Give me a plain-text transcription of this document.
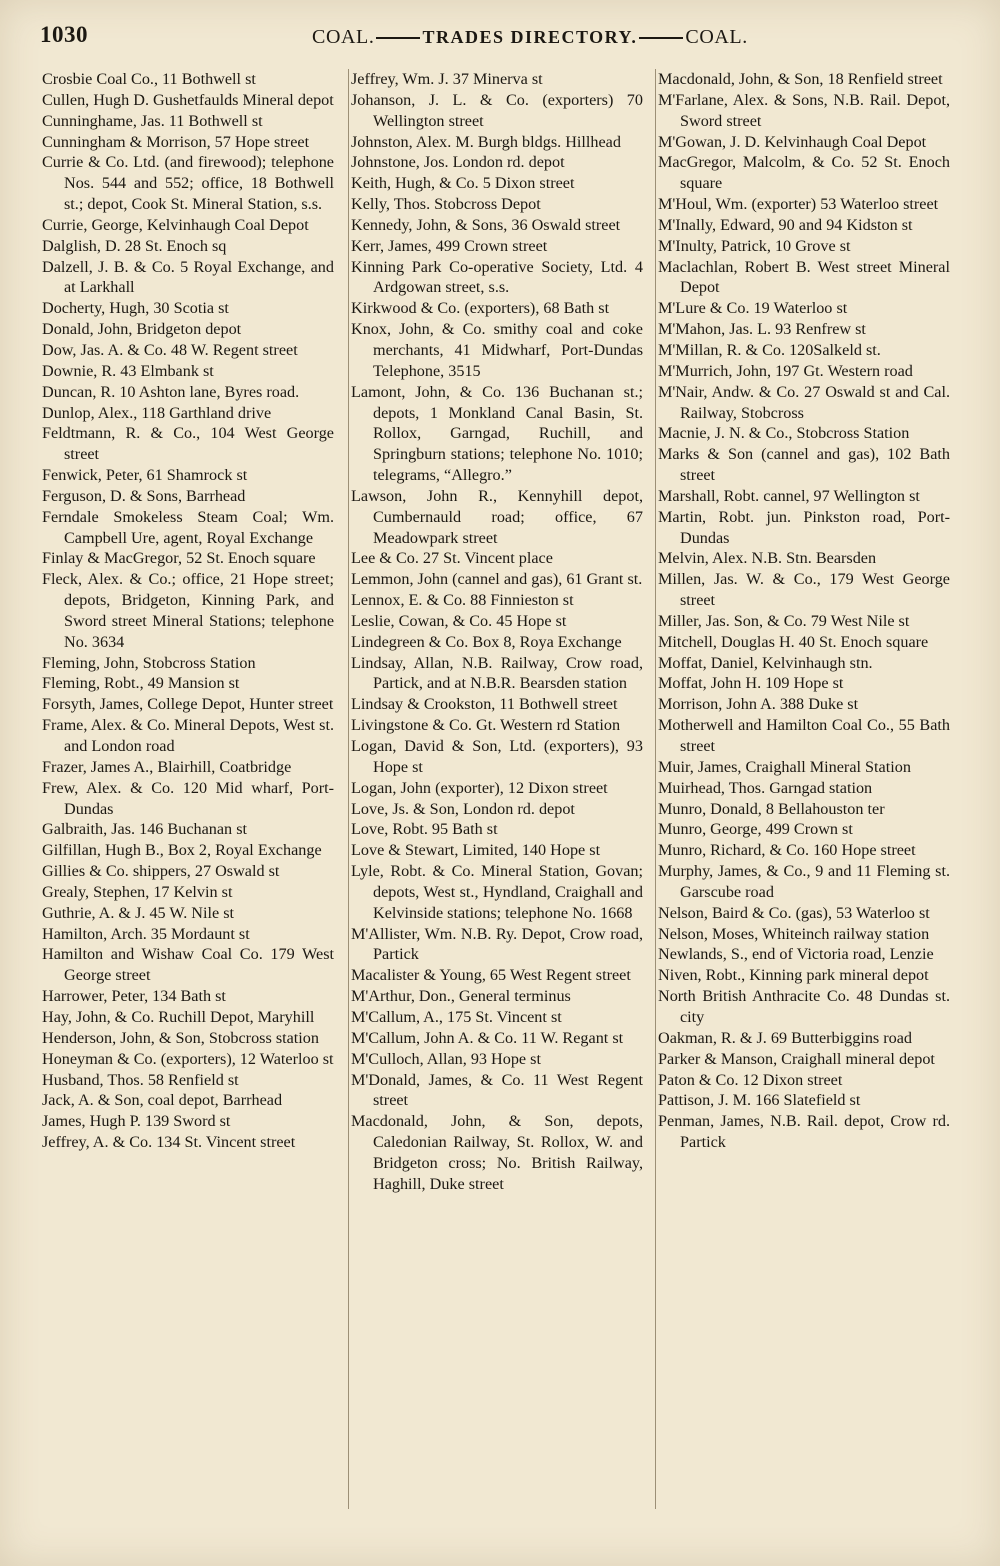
1030	COAL.	TRADES DIRECTORY. COAL.

Crosbie Coal Co., 11 Bothwell st

Cullen, Hugh D. Gushetfaulds Mineral depot

Cunninghame, Jas. 11 Bothwell st

Cunningham & Morrison, 57 Hope street

Currie & Co. Ltd. (and firewood); telephone Nos. 544 and 552; office, 18 Bothwell st.; depot, Cook St. Mineral Station, s.s.

Currie, George, Kelvinhaugh Coal Depot

Dalglish, D. 28 St. Enoch sq

Dalzell, J. B. & Co. 5 Royal Exchange, and at Larkhall

Docherty, Hugh, 30 Scotia st

Donald, John, Bridgeton depot

Dow, Jas. A. & Co. 48 W. Regent street

Downie, R. 43 Elmbank st

Duncan, R. 10 Ashton lane, Byres road.

Dunlop, Alex., 118 Garthland drive

Feldtmann, R. & Co., 104 West George street

Fenwick, Peter, 61 Shamrock st

Ferguson, D. & Sons, Barrhead

Ferndale Smokeless Steam Coal; Wm. Campbell Ure, agent, Royal Exchange

Finlay & MacGregor, 52 St. Enoch square

Fleck, Alex. & Co.; office, 21 Hope street; depots, Bridgeton, Kinning Park, and Sword street Mineral Stations; telephone No. 3634

Fleming, John, Stobcross Station

Fleming, Robt., 49 Mansion st

Forsyth, James, College Depot, Hunter street

Frame, Alex. & Co. Mineral Depots, West st. and London road

Frazer, James A., Blairhill, Coatbridge

Frew, Alex. & Co. 120 Mid wharf, Port-Dundas

Galbraith, Jas. 146 Buchanan st

Gilfillan, Hugh B., Box 2, Royal Exchange

Gillies & Co. shippers, 27 Oswald st

Grealy, Stephen, 17 Kelvin st

Guthrie, A. & J. 45 W. Nile st

Hamilton, Arch. 35 Mordaunt st

Hamilton and Wishaw Coal Co. 179 West George street

Harrower, Peter, 134 Bath st

Hay, John, & Co. Ruchill Depot, Maryhill

Henderson, John, & Son, Stobcross station

Honeyman & Co. (exporters), 12 Waterloo st

Husband, Thos. 58 Renfield st

Jack, A. & Son, coal depot, Barrhead

James, Hugh P. 139 Sword st

Jeffrey, A. & Co. 134 St. Vincent street

Jeffrey, Wm. J. 37 Minerva st

Johanson, J. L. & Co. (exporters) 70 Wellington street

Johnston, Alex. M. Burgh bldgs. Hillhead

Johnstone, Jos. London rd. depot

Keith, Hugh, & Co. 5 Dixon street

Kelly, Thos. Stobcross Depot

Kennedy, John, & Sons, 36 Oswald street

Kerr, James, 499 Crown street

Kinning Park Co-operative Society, Ltd. 4 Ardgowan street, s.s.

Kirkwood & Co. (exporters), 68 Bath st

Knox, John, & Co. smithy coal and coke merchants, 41 Midwharf, Port-Dundas Telephone, 3515

Lamont, John, & Co. 136 Buchanan st.; depots, 1 Monkland Canal Basin, St. Rollox, Garngad, Ruchill, and Springburn stations; telephone No. 1010; telegrams, “Allegro.”

Lawson, John R., Kennyhill depot, Cumbernauld road; office, 67 Meadowpark street

Lee & Co. 27 St. Vincent place

Lemmon, John (cannel and gas), 61 Grant st.

Lennox, E. & Co. 88 Finnieston st

Leslie, Cowan, & Co. 45 Hope st

Lindegreen & Co. Box 8, Roya Exchange

Lindsay, Allan, N.B. Railway, Crow road, Partick, and at N.B.R. Bearsden station

Lindsay & Crookston, 11 Bothwell street

Livingstone & Co. Gt. Western rd Station

Logan, David & Son, Ltd. (exporters), 93 Hope st

Logan, John (exporter), 12 Dixon street

Love, Js. & Son, London rd. depot

Love, Robt. 95 Bath st

Love & Stewart, Limited, 140 Hope st

Lyle, Robt. & Co. Mineral Station, Govan; depots, West st., Hyndland, Craighall and Kelvinside stations; telephone No. 1668

M'Allister, Wm. N.B. Ry. Depot, Crow road, Partick

Macalister & Young, 65 West Regent street

M'Arthur, Don., General terminus

M'Callum, A., 175 St. Vincent st

M'Callum, John A. & Co. 11 W. Regant st

M'Culloch, Allan, 93 Hope st

M'Donald, James, & Co. 11 West Regent street

Macdonald, John, & Son, depots, Caledonian Railway, St. Rollox, W. and Bridgeton cross; No. British Railway, Haghill, Duke street

Macdonald, John, & Son, 18 Renfield street

M'Farlane, Alex. & Sons, N.B. Rail. Depot, Sword street

M'Gowan, J. D. Kelvinhaugh Coal Depot

MacGregor, Malcolm, & Co. 52 St. Enoch square

M'Houl, Wm. (exporter) 53 Waterloo street

M'Inally, Edward, 90 and 94 Kidston st

M'Inulty, Patrick, 10 Grove st

Maclachlan, Robert B. West street Mineral Depot

M'Lure & Co. 19 Waterloo st

M'Mahon, Jas. L. 93 Renfrew st

M'Millan, R. & Co. 120Salkeld st.

M'Murrich, John, 197 Gt. Western road

M'Nair, Andw. & Co. 27 Oswald st and Cal. Railway, Stobcross

Macnie, J. N. & Co., Stobcross Station

Marks & Son (cannel and gas), 102 Bath street

Marshall, Robt. cannel, 97 Wellington st

Martin, Robt. jun. Pinkston road, Port-Dundas

Melvin, Alex. N.B. Stn. Bearsden

Millen, Jas. W. & Co., 179 West George street

Miller, Jas. Son, & Co. 79 West Nile st

Mitchell, Douglas H. 40 St. Enoch square

Moffat, Daniel, Kelvinhaugh stn.

Moffat, John H. 109 Hope st

Morrison, John A. 388 Duke st

Motherwell and Hamilton Coal Co., 55 Bath street

Muir, James, Craighall Mineral Station

Muirhead, Thos. Garngad station

Munro, Donald, 8 Bellahouston ter

Munro, George, 499 Crown st

Munro, Richard, & Co. 160 Hope street

Murphy, James, & Co., 9 and 11 Fleming st. Garscube road

Nelson, Baird & Co. (gas), 53 Waterloo st

Nelson, Moses, Whiteinch railway station

Newlands, S., end of Victoria road, Lenzie

Niven, Robt., Kinning park mineral depot

North British Anthracite Co. 48 Dundas st. city

Oakman, R. & J. 69 Butterbiggins road

Parker & Manson, Craighall mineral depot

Paton & Co. 12 Dixon street

Pattison, J. M. 166 Slatefield st

Penman, James, N.B. Rail. depot, Crow rd. Partick
